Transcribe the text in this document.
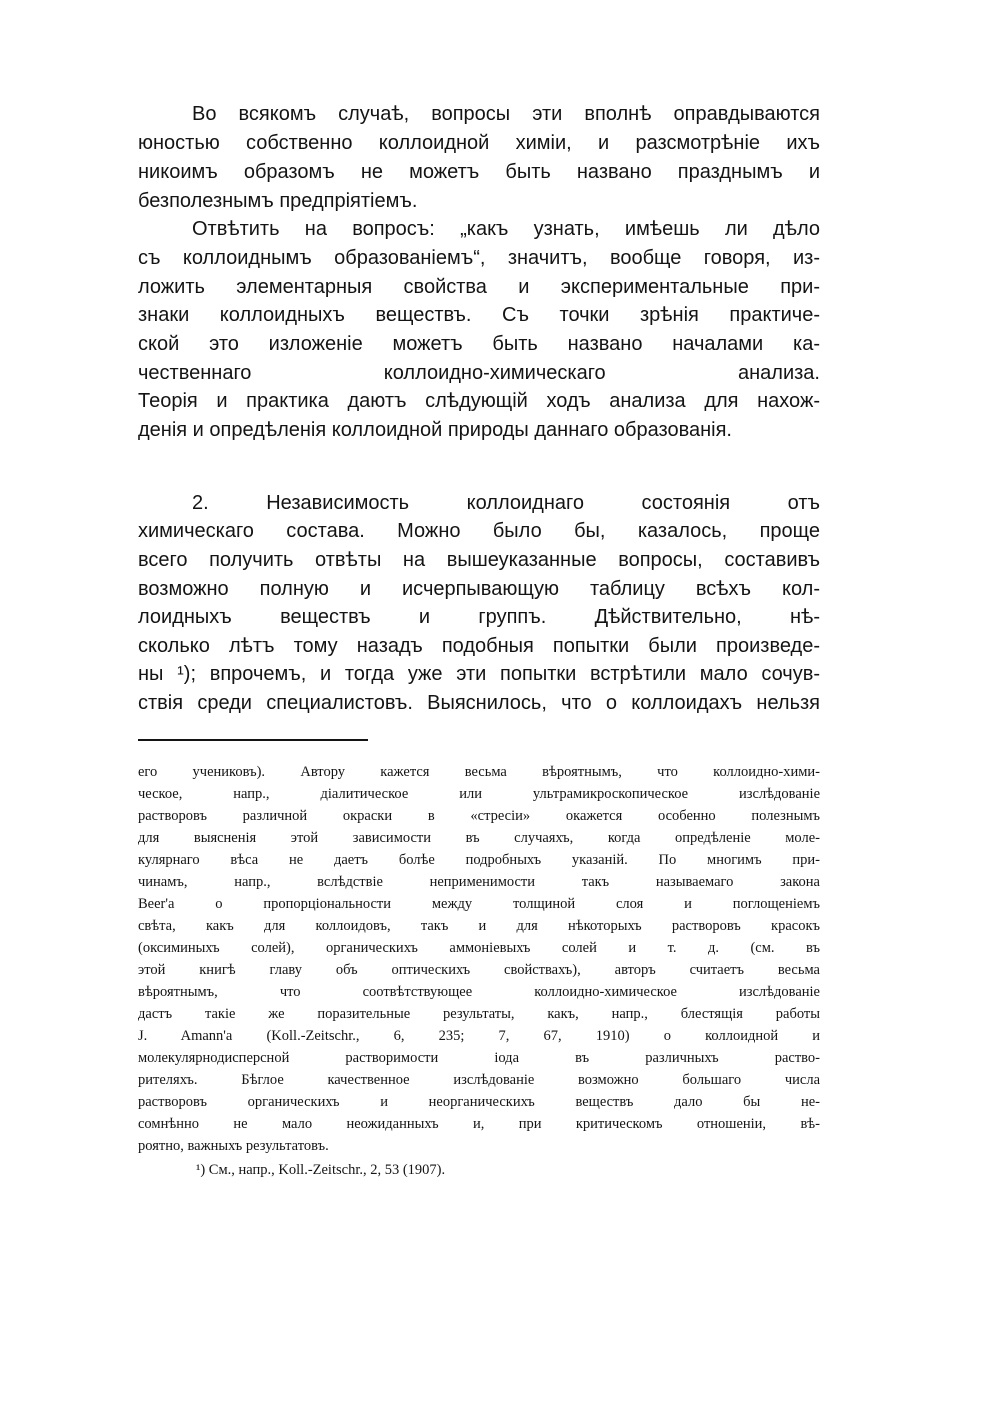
Во всякомъ случаѣ, вопросы эти вполнѣ оправдываются
юностью собственно коллоидной химіи, и разсмотрѣніе ихъ
никоимъ образомъ не можетъ быть названо празднымъ и
безполезнымъ предпріятіемъ.
Отвѣтить на вопросъ: „какъ узнать, имѣешь ли дѣло
съ коллоиднымъ образованіемъ“, значитъ, вообще говоря, из-
ложить элементарныя свойства и экспериментальные при-
знаки коллоидныхъ веществъ. Съ точки зрѣнія практиче-
ской это изложеніе можетъ быть названо началами ка-
чественнаго коллоидно-химическаго анализа.
Теорія и практика даютъ слѣдующій ходъ анализа для нахож-
денія и опредѣленія коллоидной природы даннаго образованія.
2. Независимость коллоиднаго состоянія отъ
химическаго состава. Можно было бы, казалось, проще
всего получить отвѣты на вышеуказанные вопросы, составивъ
возможно полную и исчерпывающую таблицу всѣхъ кол-
лоидныхъ веществъ и группъ. Дѣйствительно, нѣ-
сколько лѣтъ тому назадъ подобныя попытки были произведе-
ны ¹); впрочемъ, и тогда уже эти попытки встрѣтили мало сочув-
ствія среди специалистовъ. Выяснилось, что о коллоидахъ нельзя
его учениковъ). Автору кажется весьма вѣроятнымъ, что коллоидно-хими-
ческое, напр., діалитическое или ультрамикроскопическое изслѣдованіе
растворовъ различной окраски в «стресіи» окажется особенно полезнымъ
для выясненія этой зависимости въ случаяхъ, когда опредѣленіе моле-
кулярнаго вѣса не даетъ болѣе подробныхъ указаній. По многимъ при-
чинамъ, напр., вслѣдствіе неприменимости такъ называемаго закона
Beer'а о пропорціональности между толщиной слоя и поглощеніемъ
свѣта, какъ для коллоидовъ, такъ и для нѣкоторыхъ растворовъ красокъ
(оксиминыхъ солей), органическихъ аммоніевыхъ солей и т. д. (см. въ
этой книгѣ главу объ оптическихъ свойствахъ), авторъ считаетъ весьма
вѣроятнымъ, что соотвѣтствующее коллоидно-химическое изслѣдованіе
дастъ такіе же поразительные результаты, какъ, напр., блестящія работы
J. Amann'а (Koll.-Zeitschr., 6, 235; 7, 67, 1910) о коллоидной и
молекулярнодисперсной растворимости іода въ различныхъ раство-
рителяхъ. Бѣглое качественное изслѣдованіе возможно большаго числа
растворовъ органическихъ и неорганическихъ веществъ дало бы не-
сомнѣнно не мало неожиданныхъ и, при критическомъ отношеніи, вѣ-
роятно, важныхъ результатовъ.
¹) См., напр., Koll.-Zeitschr., 2, 53 (1907).
